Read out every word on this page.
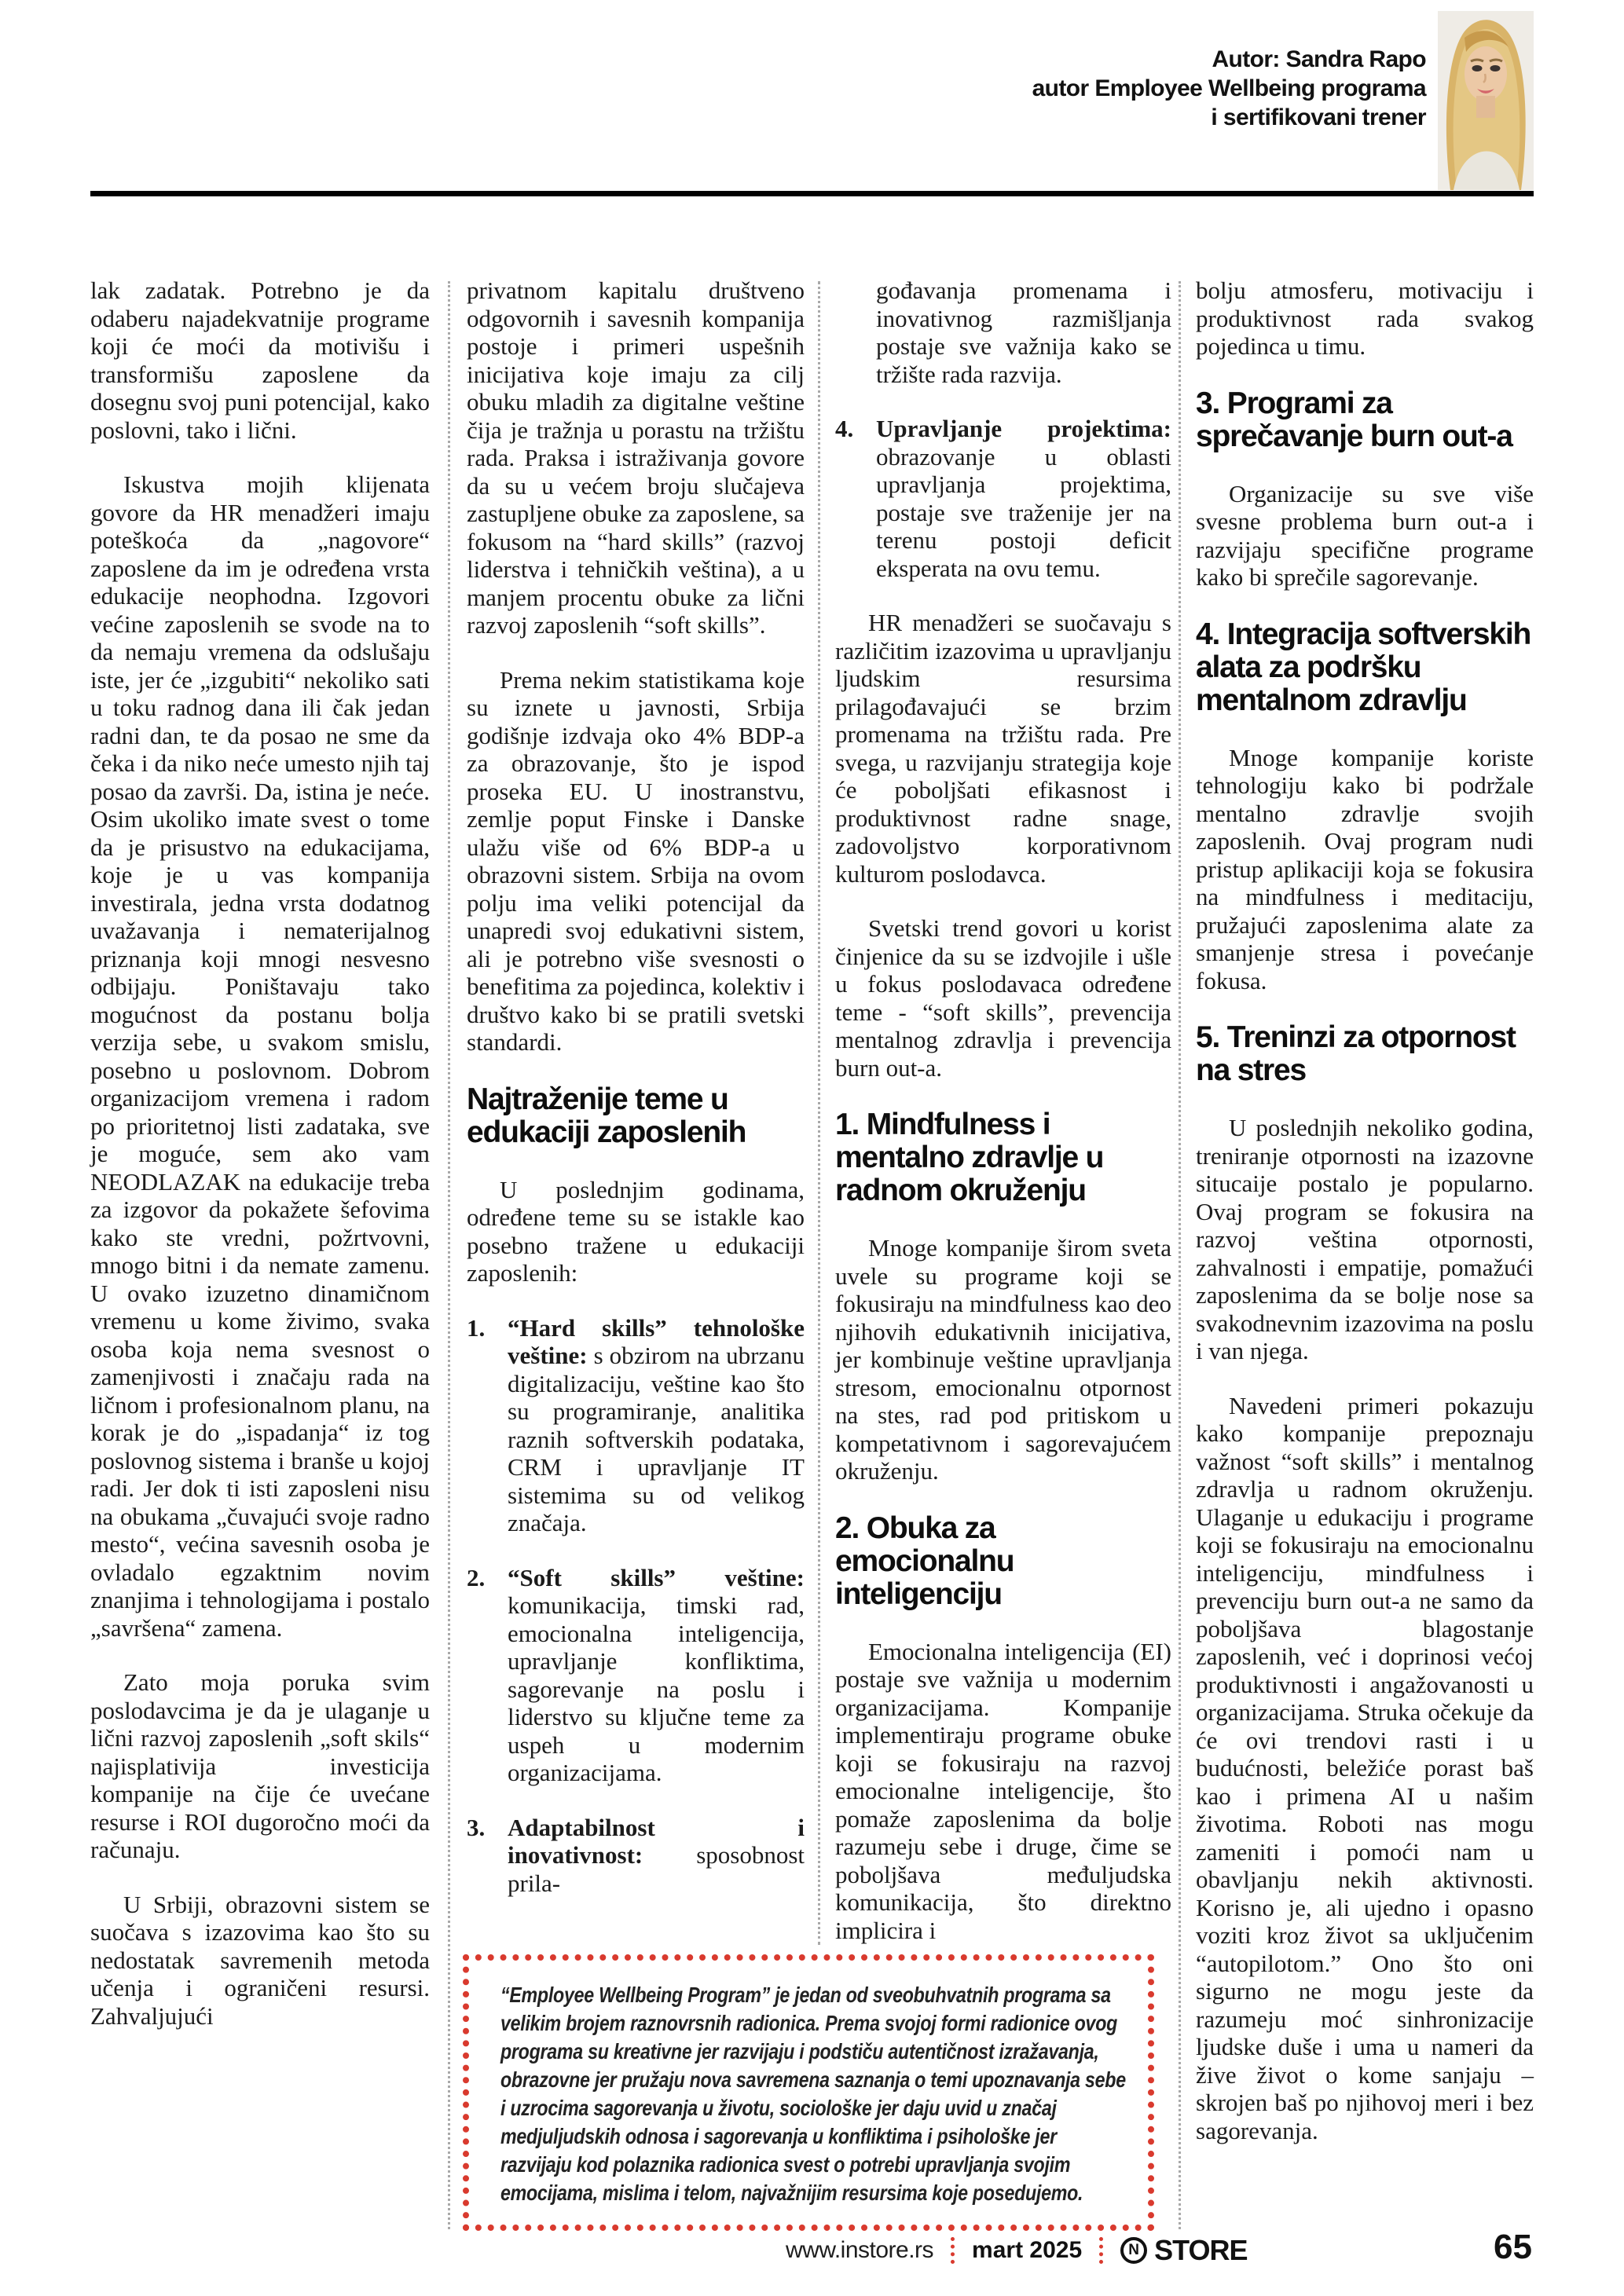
Autor: Sandra Rapo
autor Employee Wellbeing programa
i sertifikovani trener

lak zadatak. Potrebno je da odaberu najadekvatnije programe koji će moći da motivišu i transformišu zaposlene da dosegnu svoj puni potencijal, kako poslovni, tako i lični.

Iskustva mojih klijenata govore da HR menadžeri imaju poteškoća da „nagovore“ zaposlene da im je određena vrsta edukacije neophodna. Izgovori većine zaposlenih se svode na to da nemaju vremena da odslušaju iste, jer će „izgubiti“ nekoliko sati u toku radnog dana ili čak jedan radni dan, te da posao ne sme da čeka i da niko neće umesto njih taj posao da završi. Da, istina je neće. Osim ukoliko imate svest o tome da je prisustvo na edukacijama, koje je u vas kompanija investirala, jedna vrsta dodatnog uvažavanja i nematerijalnog priznanja koji mnogi nesvesno odbijaju. Poništavaju tako mogućnost da postanu bolja verzija sebe, u svakom smislu, posebno u poslovnom. Dobrom organizacijom vremena i radom po prioritetnoj listi zadataka, sve je moguće, sem ako vam NEODLAZAK na edukacije treba za izgovor da pokažete šefovima kako ste vredni, požrtvovni, mnogo bitni i da nemate zamenu. U ovako izuzetno dinamičnom vremenu u kome živimo, svaka osoba koja nema svesnost o zamenjivosti i značaju rada na ličnom i profesionalnom planu, na korak je do „ispadanja“ iz tog poslovnog sistema i branše u kojoj radi. Jer dok ti isti zaposleni nisu na obukama „čuvajući svoje radno mesto“, većina savesnih osoba je ovladalo egzaktnim novim znanjima i tehnologijama i postalo „savršena“ zamena.

Zato moja poruka svim poslodavcima je da je ulaganje u lični razvoj zaposlenih „soft skils“ najisplativija investicija kompanije na čije će uvećane resurse i ROI dugoročno moći da računaju.

U Srbiji, obrazovni sistem se suočava s izazovima kao što su nedostatak savremenih metoda učenja i ograničeni resursi. Zahvaljujući

privatnom kapitalu društveno odgovornih i savesnih kompanija postoje i primeri uspešnih inicijativa koje imaju za cilj obuku mladih za digitalne veštine čija je tražnja u porastu na tržištu rada. Praksa i istraživanja govore da su u većem broju slučajeva zastupljene obuke za zaposlene, sa fokusom na “hard skills” (razvoj liderstva i tehničkih veština), a u manjem procentu obuke za lični razvoj zaposlenih “soft skills”.

Prema nekim statistikama koje su iznete u javnosti, Srbija godišnje izdvaja oko 4% BDP-a za obrazovanje, što je ispod proseka EU. U inostranstvu, zemlje poput Finske i Danske ulažu više od 6% BDP-a u obrazovni sistem. Srbija na ovom polju ima veliki potencijal da unapredi svoj edukativni sistem, ali je potrebno više svesnosti o benefitima za pojedinca, kolektiv i društvo kako bi se pratili svetski standardi.

Najtraženije teme u edukaciji zaposlenih

U poslednjim godinama, određene teme su se istakle kao posebno tražene u edukaciji zaposlenih:

1. “Hard skills” tehnološke veštine: s obzirom na ubrzanu digitalizaciju, veštine kao što su programiranje, analitika raznih softverskih podataka, CRM i upravljanje IT sistemima su od velikog značaja.
2. “Soft skills” veštine: komunikacija, timski rad, emocionalna inteligencija, upravljanje konfliktima, sagorevanje na poslu i liderstvo su ključne teme za uspeh u modernim organizacijama.
3. Adaptabilnost i inovativnost: sposobnost prila-
gođavanja promenama i inovativnog razmišljanja postaje sve važnija kako se tržište rada razvija.
4. Upravljanje projektima: obrazovanje u oblasti upravljanja projektima, postaje sve traženije jer na terenu postoji deficit eksperata na ovu temu.

HR menadžeri se suočavaju s različitim izazovima u upravljanju ljudskim resursima prilagođavajući se brzim promenama na tržištu rada. Pre svega, u razvijanju strategija koje će poboljšati efikasnost i produktivnost radne snage, zadovoljstvo korporativnom kulturom poslodavca.

Svetski trend govori u korist činjenice da su se izdvojile i ušle u fokus poslodavaca određene teme - “soft skills”, prevencija mentalnog zdravlja i prevencija burn out-a.

1. Mindfulness i mentalno zdravlje u radnom okruženju

Mnoge kompanije širom sveta uvele su programe koji se fokusiraju na mindfulness kao deo njihovih edukativnih inicijativa, jer kombinuje veštine upravljanja stresom, emocionalnu otpornost na stes, rad pod pritiskom u kompetativnom i sagorevajućem okruženju.

2. Obuka za emocionalnu inteligenciju

Emocionalna inteligencija (EI) postaje sve važnija u modernim organizacijama. Kompanije implementiraju programe obuke koji se fokusiraju na razvoj emocionalne inteligencije, što pomaže zaposlenima da bolje razumeju sebe i druge, čime se poboljšava međuljudska komunikacija, što direktno implicira i

bolju atmosferu, motivaciju i produktivnost rada svakog pojedinca u timu.

3. Programi za sprečavanje burn out-a

Organizacije su sve više svesne problema burn out-a i razvijaju specifične programe kako bi sprečile sagorevanje.

4. Integracija softverskih alata za podršku mentalnom zdravlju

Mnoge kompanije koriste tehnologiju kako bi podržale mentalno zdravlje svojih zaposlenih. Ovaj program nudi pristup aplikaciji koja se fokusira na mindfulness i meditaciju, pružajući zaposlenima alate za smanjenje stresa i povećanje fokusa.

5. Treninzi za otpornost na stres

U poslednjih nekoliko godina, treniranje otpornosti na izazovne situcaije postalo je popularno. Ovaj program se fokusira na razvoj veština otpornosti, zahvalnosti i empatije, pomažući zaposlenima da se bolje nose sa svakodnevnim izazovima na poslu i van njega.

Navedeni primeri pokazuju kako kompanije prepoznaju važnost “soft skills” i mentalnog zdravlja u radnom okruženju. Ulaganje u edukaciju i programe koji se fokusiraju na emocionalnu inteligenciju, mindfulness i prevenciju burn out-a ne samo da poboljšava blagostanje zaposlenih, već i doprinosi većoj produktivnosti i angažovanosti u organizacijama. Struka očekuje da će ovi trendovi rasti i u budućnosti, beležiće porast baš kao i primena AI u našim životima. Roboti nas mogu zameniti i pomoći nam u obavljanju nekih aktivnosti. Korisno je, ali ujedno i opasno voziti kroz život sa uključenim “autopilotom.” Ono što oni sigurno ne mogu jeste da razumeju moć sinhronizacije ljudske duše i uma u nameri da žive život o kome sanjaju – skrojen baš po njihovoj meri i bez sagorevanja.

“Employee Wellbeing Program” je jedan od sveobuhvatnih programa sa velikim brojem raznovrsnih radionica. Prema svojoj formi radionice ovog programa su kreativne jer razvijaju i podstiču autentičnost izražavanja, obrazovne jer pružaju nova savremena saznanja o temi upoznavanja sebe i uzrocima sagorevanja u životu, sociološke jer daju uvid u značaj medjuljudskih odnosa i sagorevanja u konfliktima i psihološke jer razvijaju kod polaznika radionica svest o potrebi upravljanja svojim emocijama, mislima i telom, najvažnijim resursima koje posedujemo.
www.instore.rs mart 2025	N STORE	65
